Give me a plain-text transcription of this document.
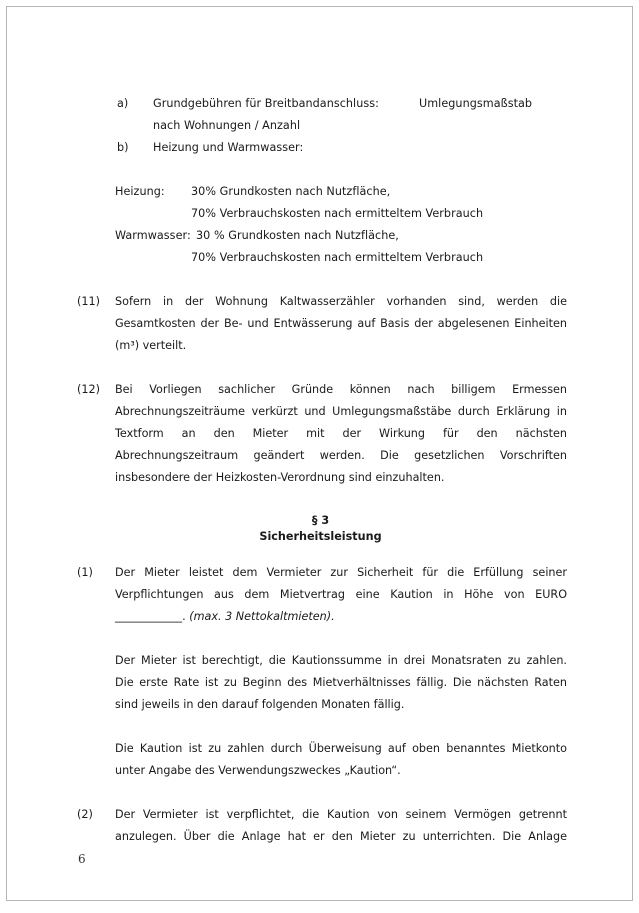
a) Grundgebühren für Breitbandanschluss:	Umlegungsmaßstab
nach Wohnungen / Anzahl
b) Heizung und Warmwasser:
Heizung: 30% Grundkosten nach Nutzfläche,
70% Verbrauchskosten nach ermitteltem Verbrauch
Warmwasser: 30 % Grundkosten nach Nutzfläche,
70% Verbrauchskosten nach ermitteltem Verbrauch
(11) Sofern in der Wohnung Kaltwasserzähler vorhanden sind, werden die
Gesamtkosten der Be- und Entwässerung auf Basis der abgelesenen Einheiten
(m³) verteilt.
(12) Bei Vorliegen sachlicher Gründe können nach billigem Ermessen
Abrechnungszeiträume verkürzt und Umlegungsmaßstäbe durch Erklärung in
Textform an den Mieter mit der Wirkung für den nächsten
Abrechnungszeitraum geändert werden. Die gesetzlichen Vorschriften
insbesondere der Heizkosten-Verordnung sind einzuhalten.
§ 3
Sicherheitsleistung
(1) Der Mieter leistet dem Vermieter zur Sicherheit für die Erfüllung seiner
Verpflichtungen aus dem Mietvertrag eine Kaution in Höhe von EURO
____________. (max. 3 Nettokaltmieten).
Der Mieter ist berechtigt, die Kautionssumme in drei Monatsraten zu zahlen.
Die erste Rate ist zu Beginn des Mietverhältnisses fällig. Die nächsten Raten
sind jeweils in den darauf folgenden Monaten fällig.
Die Kaution ist zu zahlen durch Überweisung auf oben benanntes Mietkonto
unter Angabe des Verwendungszweckes „Kaution“.
(2) Der Vermieter ist verpflichtet, die Kaution von seinem Vermögen getrennt
anzulegen. Über die Anlage hat er den Mieter zu unterrichten. Die Anlage
6
